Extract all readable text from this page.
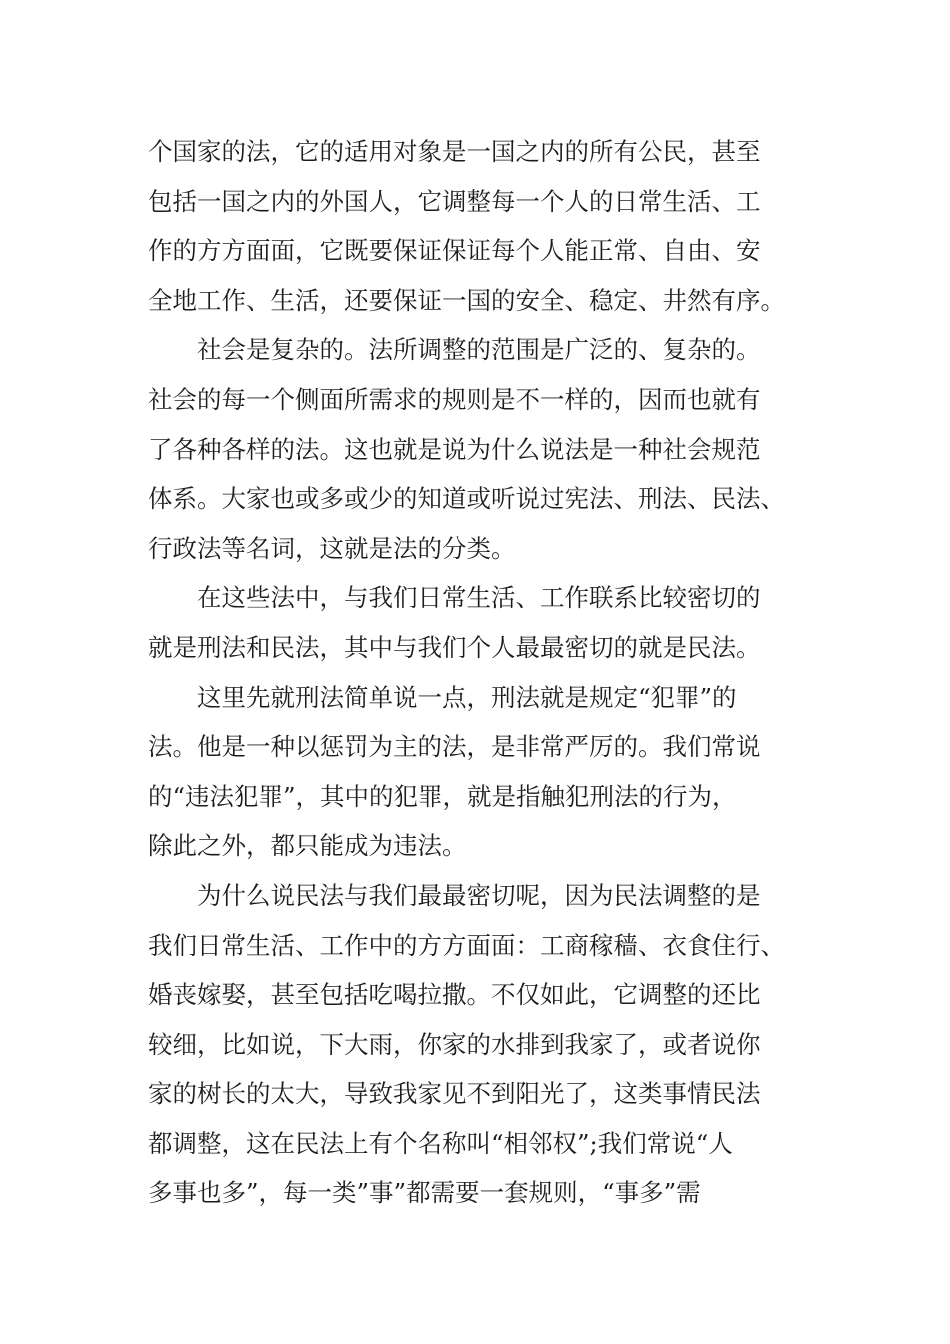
个国家的法，它的适用对象是一国之内的所有公民，甚至
包括一国之内的外国人，它调整每一个人的日常生活、工
作的方方面面，它既要保证保证每个人能正常、自由、安
全地工作、生活，还要保证一国的安全、稳定、井然有序。
社会是复杂的。法所调整的范围是广泛的、复杂的。
社会的每一个侧面所需求的规则是不一样的，因而也就有
了各种各样的法。这也就是说为什么说法是一种社会规范
体系。大家也或多或少的知道或听说过宪法、刑法、民法、
行政法等名词，这就是法的分类。
在这些法中，与我们日常生活、工作联系比较密切的
就是刑法和民法，其中与我们个人最最密切的就是民法。
这里先就刑法简单说一点，刑法就是规定“犯罪”的
法。他是一种以惩罚为主的法，是非常严厉的。我们常说
的“违法犯罪”，其中的犯罪，就是指触犯刑法的行为，
除此之外，都只能成为违法。
为什么说民法与我们最最密切呢，因为民法调整的是
我们日常生活、工作中的方方面面：工商稼穑、衣食住行、
婚丧嫁娶，甚至包括吃喝拉撒。不仅如此，它调整的还比
较细，比如说，下大雨，你家的水排到我家了，或者说你
家的树长的太大，导致我家见不到阳光了，这类事情民法
都调整，这在民法上有个名称叫“相邻权”;我们常说“人
多事也多”，每一类”事”都需要一套规则，“事多”需
